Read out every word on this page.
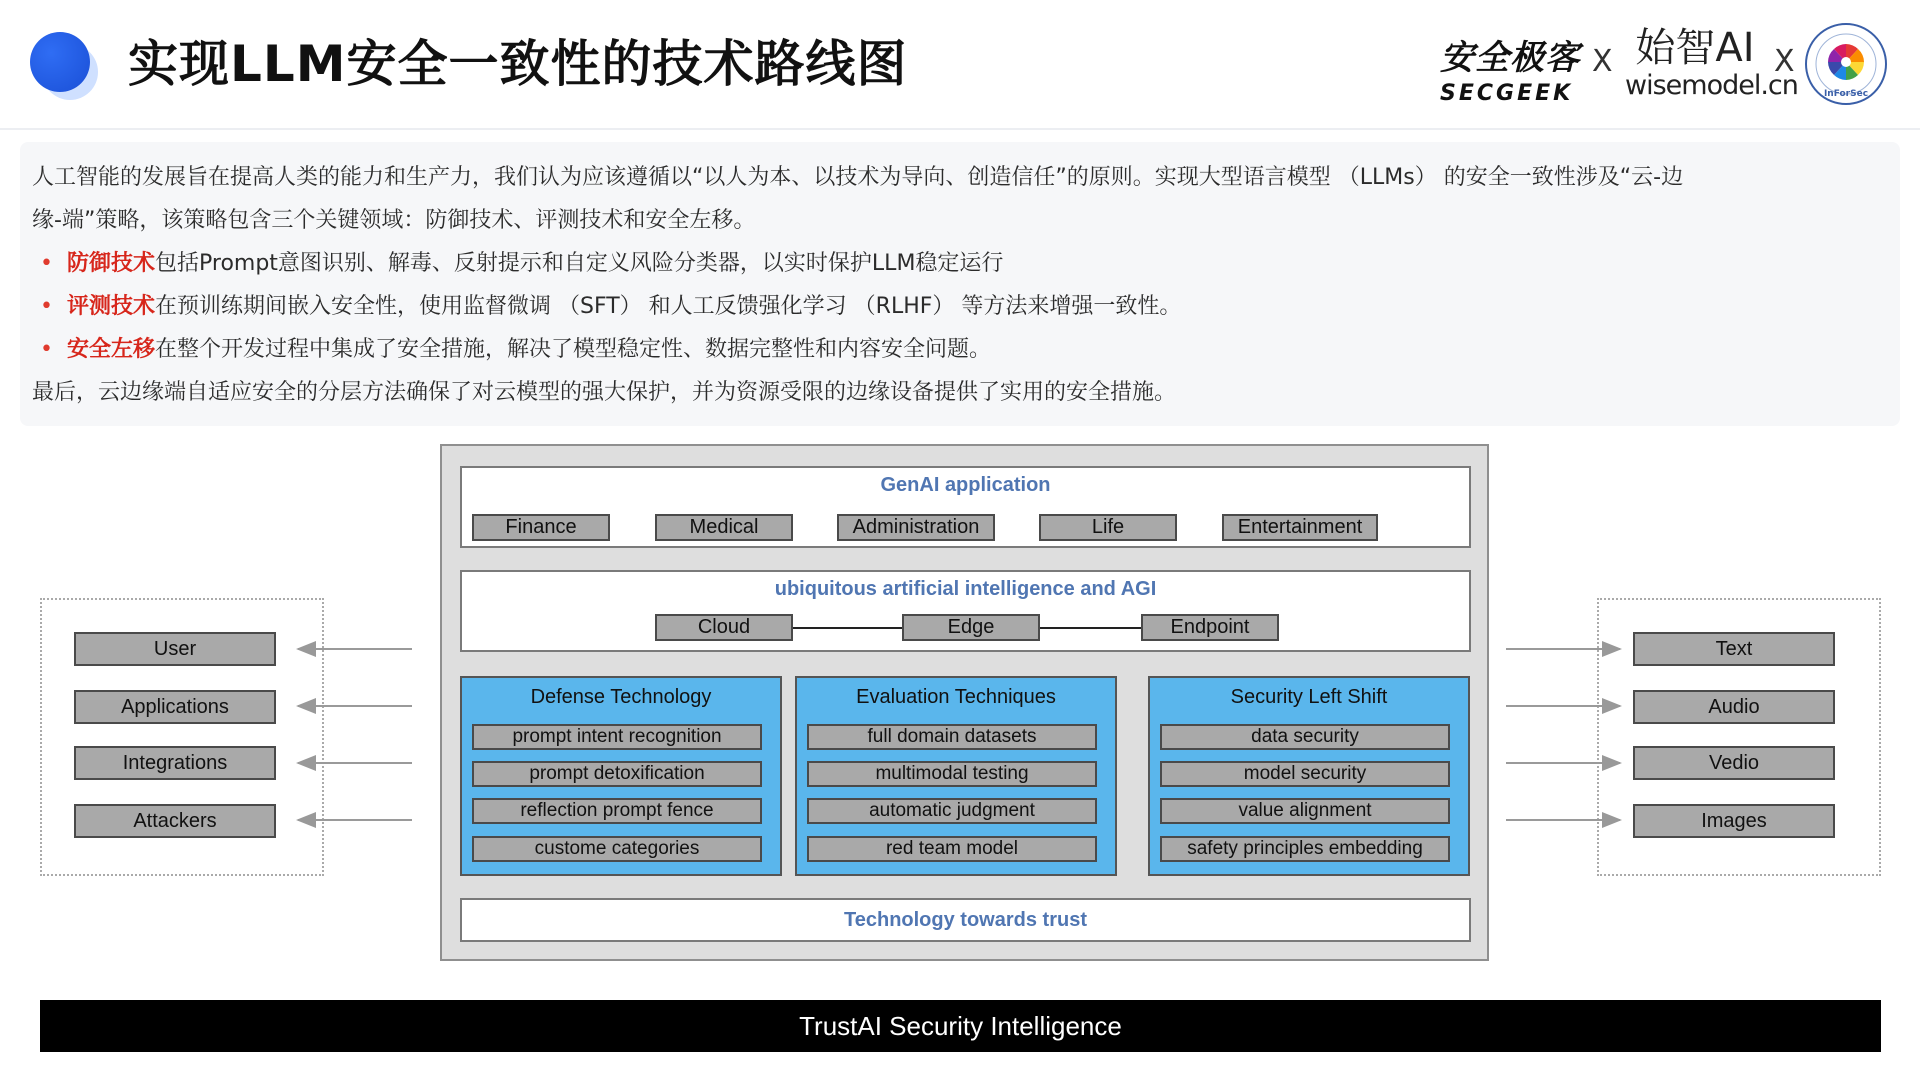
实现LLM安全一致性的技术路线图	安全极客
SECGEEK
X 始智AI
wisemodel.cn
X
InForSec

人工智能的发展旨在提高人类的能力和生产力，我们认为应该遵循以“以人为本、以技术为导向、创造信任”的原则。实现大型语言模型 （LLMs） 的安全一致性涉及“云-边

缘-端”策略，该策略包含三个关键领域：防御技术、评测技术和安全左移。

• 防御技术包括Prompt意图识别、解毒、反射提示和自定义风险分类器，以实时保护LLM稳定运行

• 评测技术在预训练期间嵌入安全性，使用监督微调 （SFT） 和人工反馈强化学习 （RLHF） 等方法来增强一致性。

• 安全左移在整个开发过程中集成了安全措施，解决了模型稳定性、数据完整性和内容安全问题。

最后，云边缘端自适应安全的分层方法确保了对云模型的强大保护，并为资源受限的边缘设备提供了实用的安全措施。

GenAI application
Finance	Medical	Administration	Life	Entertainment
ubiquitous artificial intelligence and AGI
Cloud	Edge	Endpoint
Defense Technology
prompt intent recognition
prompt detoxification
reflection prompt fence
custome categories
Evaluation Techniques
full domain datasets
multimodal testing
automatic judgment
red team model
Security Left Shift
data security
model security
value alignment
safety principles embedding
Technology towards trust
User
Applications
Integrations
Attackers
Text
Audio
Vedio
Images
TrustAI Security Intelligence
